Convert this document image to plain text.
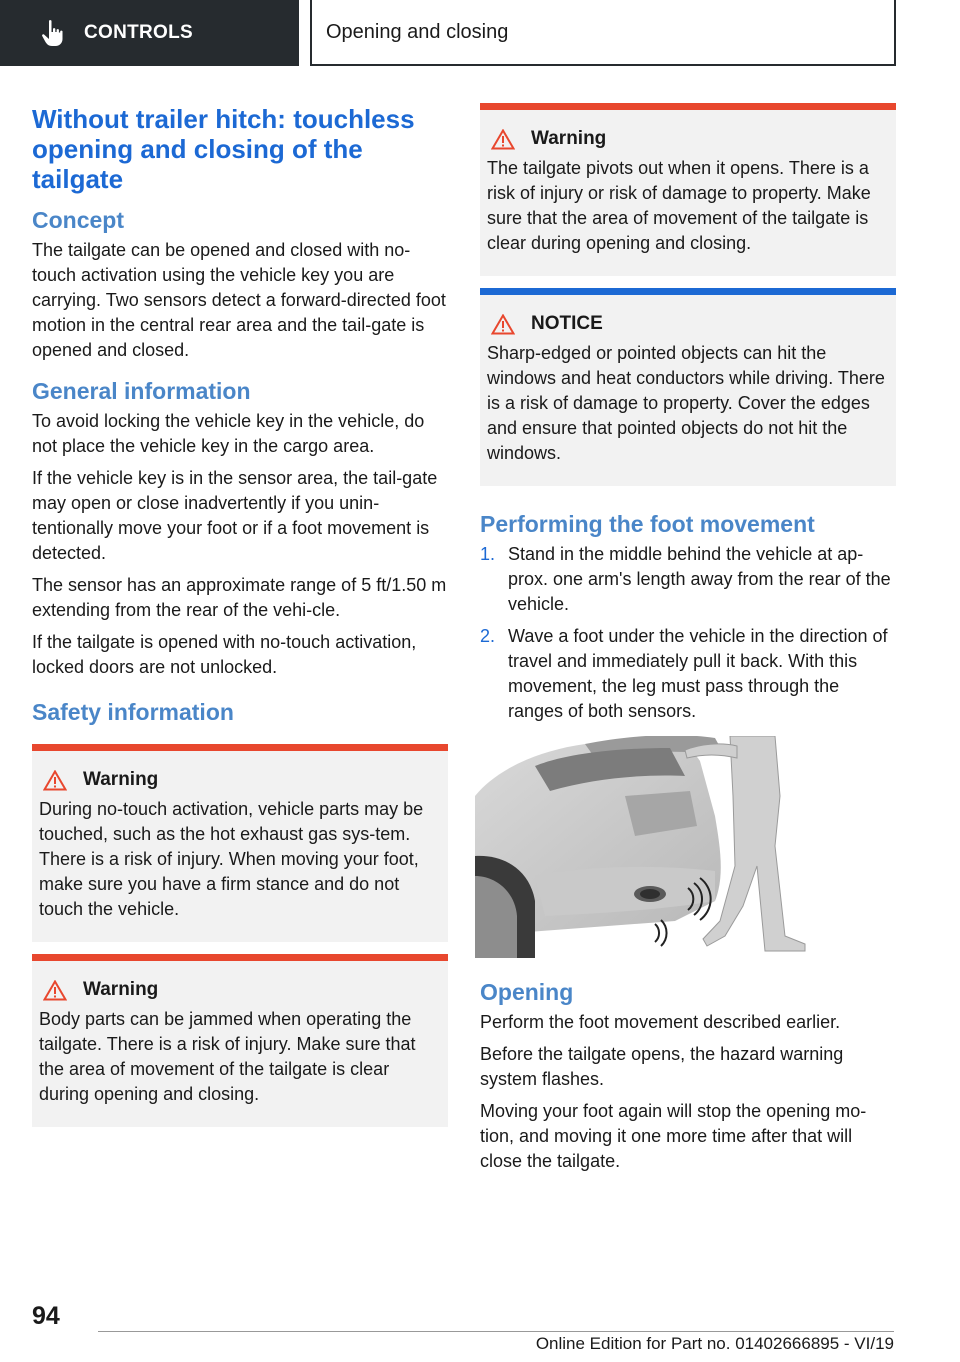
CONTROLS	Opening and closing
Without trailer hitch: touchless opening and closing of the tailgate
Concept

The tailgate can be opened and closed with no-touch activation using the vehicle key you are carrying. Two sensors detect a forward-directed foot motion in the central rear area and the tail-gate is opened and closed.

General information

To avoid locking the vehicle key in the vehicle, do not place the vehicle key in the cargo area.

If the vehicle key is in the sensor area, the tail-gate may open or close inadvertently if you unin-tentionally move your foot or if a foot movement is detected.

The sensor has an approximate range of 5 ft/1.50 m extending from the rear of the vehi-cle.

If the tailgate is opened with no-touch activation, locked doors are not unlocked.

Safety information
Warning

During no-touch activation, vehicle parts may be touched, such as the hot exhaust gas sys-tem. There is a risk of injury. When moving your foot, make sure you have a firm stance and do not touch the vehicle.

Warning

Body parts can be jammed when operating the tailgate. There is a risk of injury. Make sure that the area of movement of the tailgate is clear during opening and closing.

Warning

The tailgate pivots out when it opens. There is a risk of injury or risk of damage to property. Make sure that the area of movement of the tailgate is clear during opening and closing.

NOTICE

Sharp-edged or pointed objects can hit the windows and heat conductors while driving. There is a risk of damage to property. Cover the edges and ensure that pointed objects do not hit the windows.

Performing the foot movement
1. Stand in the middle behind the vehicle at ap-prox. one arm's length away from the rear of the vehicle.
2. Wave a foot under the vehicle in the direction of travel and immediately pull it back. With this movement, the leg must pass through the ranges of both sensors.
Opening

Perform the foot movement described earlier.

Before the tailgate opens, the hazard warning system flashes.

Moving your foot again will stop the opening mo-tion, and moving it one more time after that will close the tailgate.

94
Online Edition for Part no. 01402666895 - VI/19
